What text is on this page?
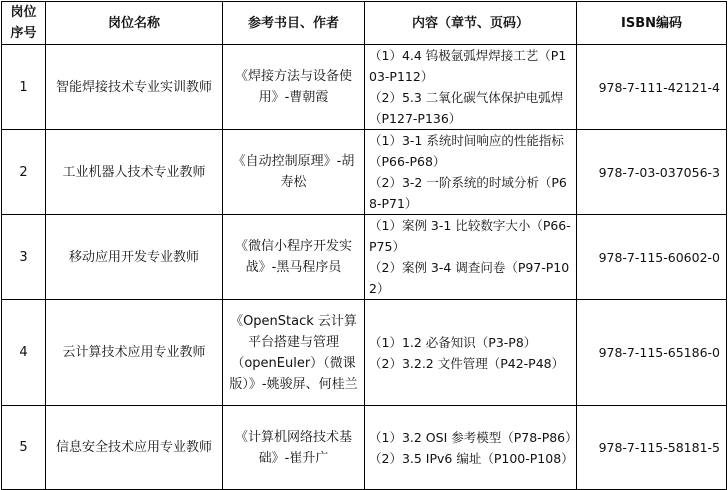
岗位序号	岗位名称	参考书目、作者	内容（章节、页码）	ISBN编码
1	智能焊接技术专业实训教师	《焊接方法与设备使用》-曹朝霞	（1）4.4 钨极氩弧焊焊接工艺（P103-P112）
（2）5.3 二氧化碳气体保护电弧焊（P127-P136）	978-7-111-42121-4
2	工业机器人技术专业教师	《自动控制原理》-胡寿松	（1）3-1 系统时间响应的性能指标（P66-P68）
（2）3-2 一阶系统的时域分析（P68-P71）	978-7-03-037056-3
3	移动应用开发专业教师	《微信小程序开发实战》-黑马程序员	（1）案例 3-1 比较数字大小（P66-P75）
（2）案例 3-4 调查问卷（P97-P102）	978-7-115-60602-0
4	云计算技术应用专业教师	《OpenStack 云计算平台搭建与管理（openEuler）（微课版）》-姚骏屏、何桂兰	（1）1.2 必备知识（P3-P8）
（2）3.2.2 文件管理（P42-P48）	978-7-115-65186-0
5	信息安全技术应用专业教师	《计算机网络技术基础》-崔升广	（1）3.2 OSI 参考模型（P78-P86）
（2）3.5 IPv6 编址（P100-P108）	978-7-115-58181-5
